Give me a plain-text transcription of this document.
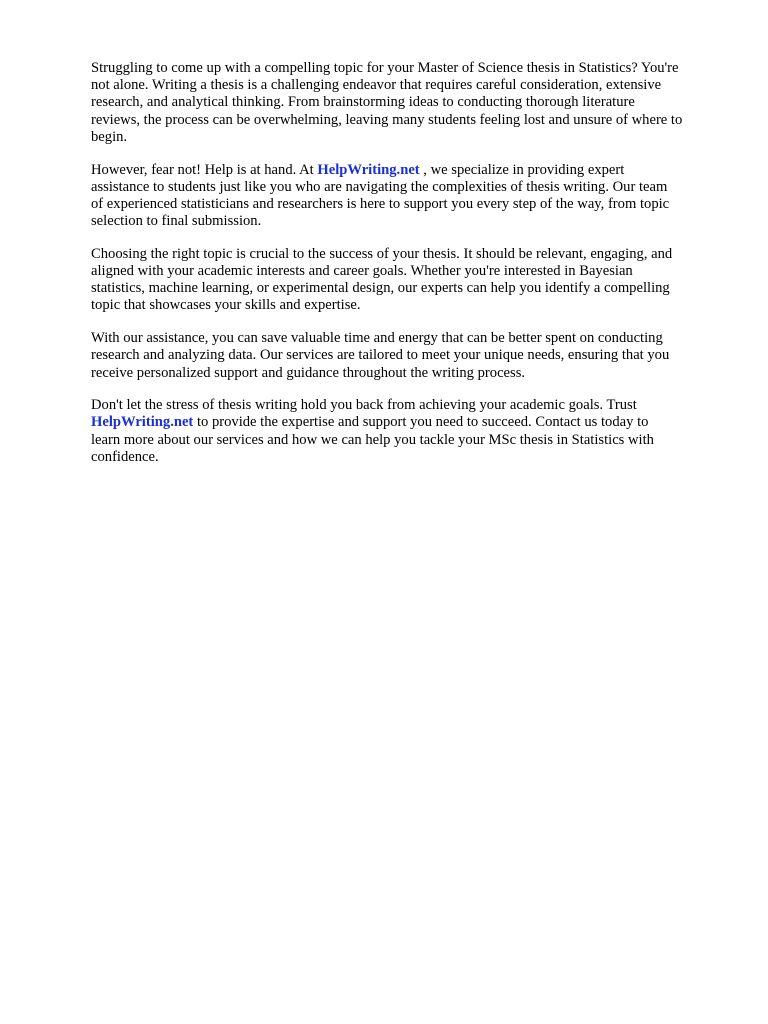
Struggling to come up with a compelling topic for your Master of Science thesis in Statistics? You're
not alone. Writing a thesis is a challenging endeavor that requires careful consideration, extensive
research, and analytical thinking. From brainstorming ideas to conducting thorough literature
reviews, the process can be overwhelming, leaving many students feeling lost and unsure of where to
begin.

However, fear not! Help is at hand. At HelpWriting.net , we specialize in providing expert
assistance to students just like you who are navigating the complexities of thesis writing. Our team
of experienced statisticians and researchers is here to support you every step of the way, from topic
selection to final submission.

Choosing the right topic is crucial to the success of your thesis. It should be relevant, engaging, and
aligned with your academic interests and career goals. Whether you're interested in Bayesian
statistics, machine learning, or experimental design, our experts can help you identify a compelling
topic that showcases your skills and expertise.

With our assistance, you can save valuable time and energy that can be better spent on conducting
research and analyzing data. Our services are tailored to meet your unique needs, ensuring that you
receive personalized support and guidance throughout the writing process.

Don't let the stress of thesis writing hold you back from achieving your academic goals. Trust
HelpWriting.net to provide the expertise and support you need to succeed. Contact us today to
learn more about our services and how we can help you tackle your MSc thesis in Statistics with
confidence.
